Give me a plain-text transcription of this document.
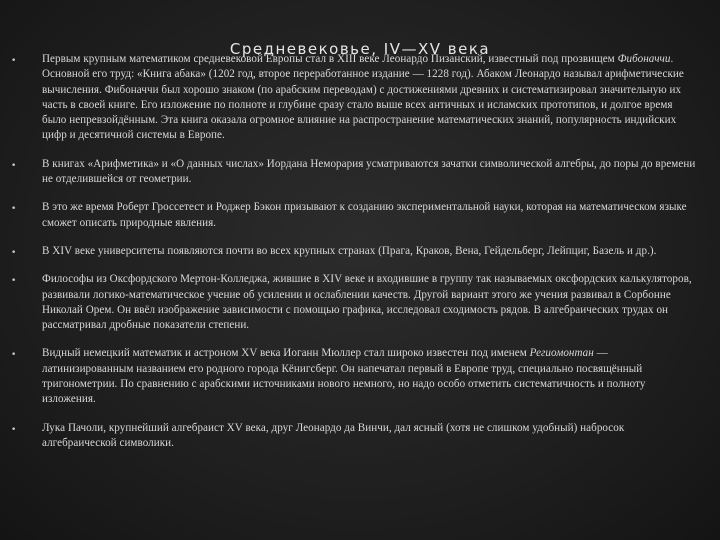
Средневековье, IV—XV века
• Первым крупным математиком средневековой Европы стал в XIII веке Леонардо Пизанский, известный под прозвищем Фибоначчи. Основной его труд: «Книга абака» (1202 год, второе переработанное издание — 1228 год). Абаком Леонардо называл арифметические вычисления. Фибоначчи был хорошо знаком (по арабским переводам) с достижениями древних и систематизировал значительную их часть в своей книге. Его изложение по полноте и глубине сразу стало выше всех античных и исламских прототипов, и долгое время было непревзойдённым. Эта книга оказала огромное влияние на распространение математических знаний, популярность индийских цифр и десятичной системы в Европе.
• В книгах «Арифметика» и «О данных числах» Иордана Неморария усматриваются зачатки символической алгебры, до поры до времени не отделившейся от геометрии.
• В это же время Роберт Гроссетест и Роджер Бэкон призывают к созданию экспериментальной науки, которая на математическом языке сможет описать природные явления.
• В XIV веке университеты появляются почти во всех крупных странах (Прага, Краков, Вена, Гейдельберг, Лейпциг, Базель и др.).
• Философы из Оксфордского Мертон-Колледжа, жившие в XIV веке и входившие в группу так называемых оксфордских калькуляторов, развивали логико-математическое учение об усилении и ослаблении качеств. Другой вариант этого же учения развивал в Сорбонне Николай Орем. Он ввёл изображение зависимости с помощью графика, исследовал сходимость рядов. В алгебраических трудах он рассматривал дробные показатели степени.
• Видный немецкий математик и астроном XV века Иоганн Мюллер стал широко известен под именем Региомонтан — латинизированным названием его родного города Кёнигсберг. Он напечатал первый в Европе труд, специально посвящённый тригонометрии. По сравнению с арабскими источниками нового немного, но надо особо отметить систематичность и полноту изложения.
• Лука Пачоли, крупнейший алгебраист XV века, друг Леонардо да Винчи, дал ясный (хотя не слишком удобный) набросок алгебраической символики.
